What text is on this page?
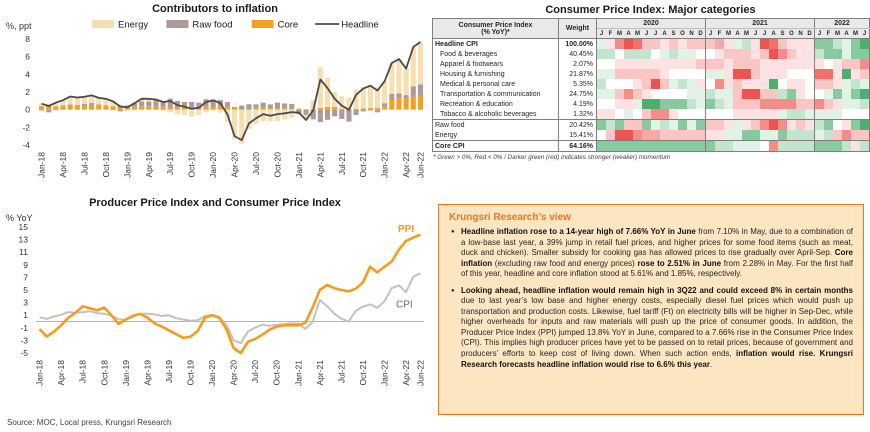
Contributors to inflation
%, ppt	Energy	Raw food	Core	Headline
8
6
4
2
0
-2
-4
Jan-18 Apr-18 Jul-18 Oct-18 Jan-19 Apr-19 Jul-19 Oct-19 Jan-20 Apr-20 Jul-20 Oct-20 Jan-21 Apr-21 Jul-21 Oct-21 Jan-22 Apr-22 Jun-22
Consumer Price Index: Major categories
Consumer Price Index
(% YoY)*	Weight	2020												2021												2022					
		J	F	M	A	M	J	J	A	S	O	N	D	J	F	M	A	M	J	J	A	S	O	N	D	J	F	M	A	M	J
Headline CPI	100.00%																														
Food & beverages	40.45%																														
Apparel & footwears	2.07%																														
Housing & furnishing	21.87%																														
Medical & personal care	5.35%																														
Transportation & communication	24.75%																														
Recreation & education	4.19%																														
Tobacco & alcoholic beverages	1.32%																														
Raw food	20.42%																														
Energy	15.41%																														
Core CPI	64.16%																														
* Green > 0%, Red < 0% / Darker green (red) indicates stronger (weaker) momentum
Producer Price Index and Consumer Price Index
% YoY
15
13
11
9
7
5
3
1
-1
-3
-5
PPI
CPI
Jan-18 Apr-18 Jul-18 Oct-18 Jan-19 Apr-19 Jul-19 Oct-19 Jan-20 Apr-20 Jul-20 Oct-20 Jan-21 Apr-21 Jul-21 Oct-21 Jan-22 Apr-22 Jun-22
Krungsri Research’s view
● Headline inflation rose to a 14-year high of 7.66% YoY in June from 7.10% in May, due to a combination of a low-base last year, a 39% jump in retail fuel prices, and higher prices for some food items (such as meat, duck and chicken). Smaller subsidy for cooking gas has allowed prices to rise gradually over April-Sep. Core inflation (excluding raw food and energy prices) rose to 2.51% in June from 2.28% in May. For the first half of this year, headline and core inflation stood at 5.61% and 1.85%, respectively.
● Looking ahead, headline inflation would remain high in 3Q22 and could exceed 8% in certain months due to last year’s low base and higher energy costs, especially diesel fuel prices which would push up transportation and production costs. Likewise, fuel tariff (Ft) on electricity bills will be higher in Sep-Dec, while higher overheads for inputs and raw materials will push up the price of consumer goods. In addition, the Producer Price Index (PPI) jumped 13.8% YoY in June, compared to a 7.66% rise in the Consumer Price Index (CPI). This implies high producer prices have yet to be passed on to retail prices, because of government and producers’ efforts to keep cost of living down. When such action ends, inflation would rise. Krungsri Research forecasts headline inflation would rise to 6.6% this year.
Source: MOC, Local press, Krungsri Research
